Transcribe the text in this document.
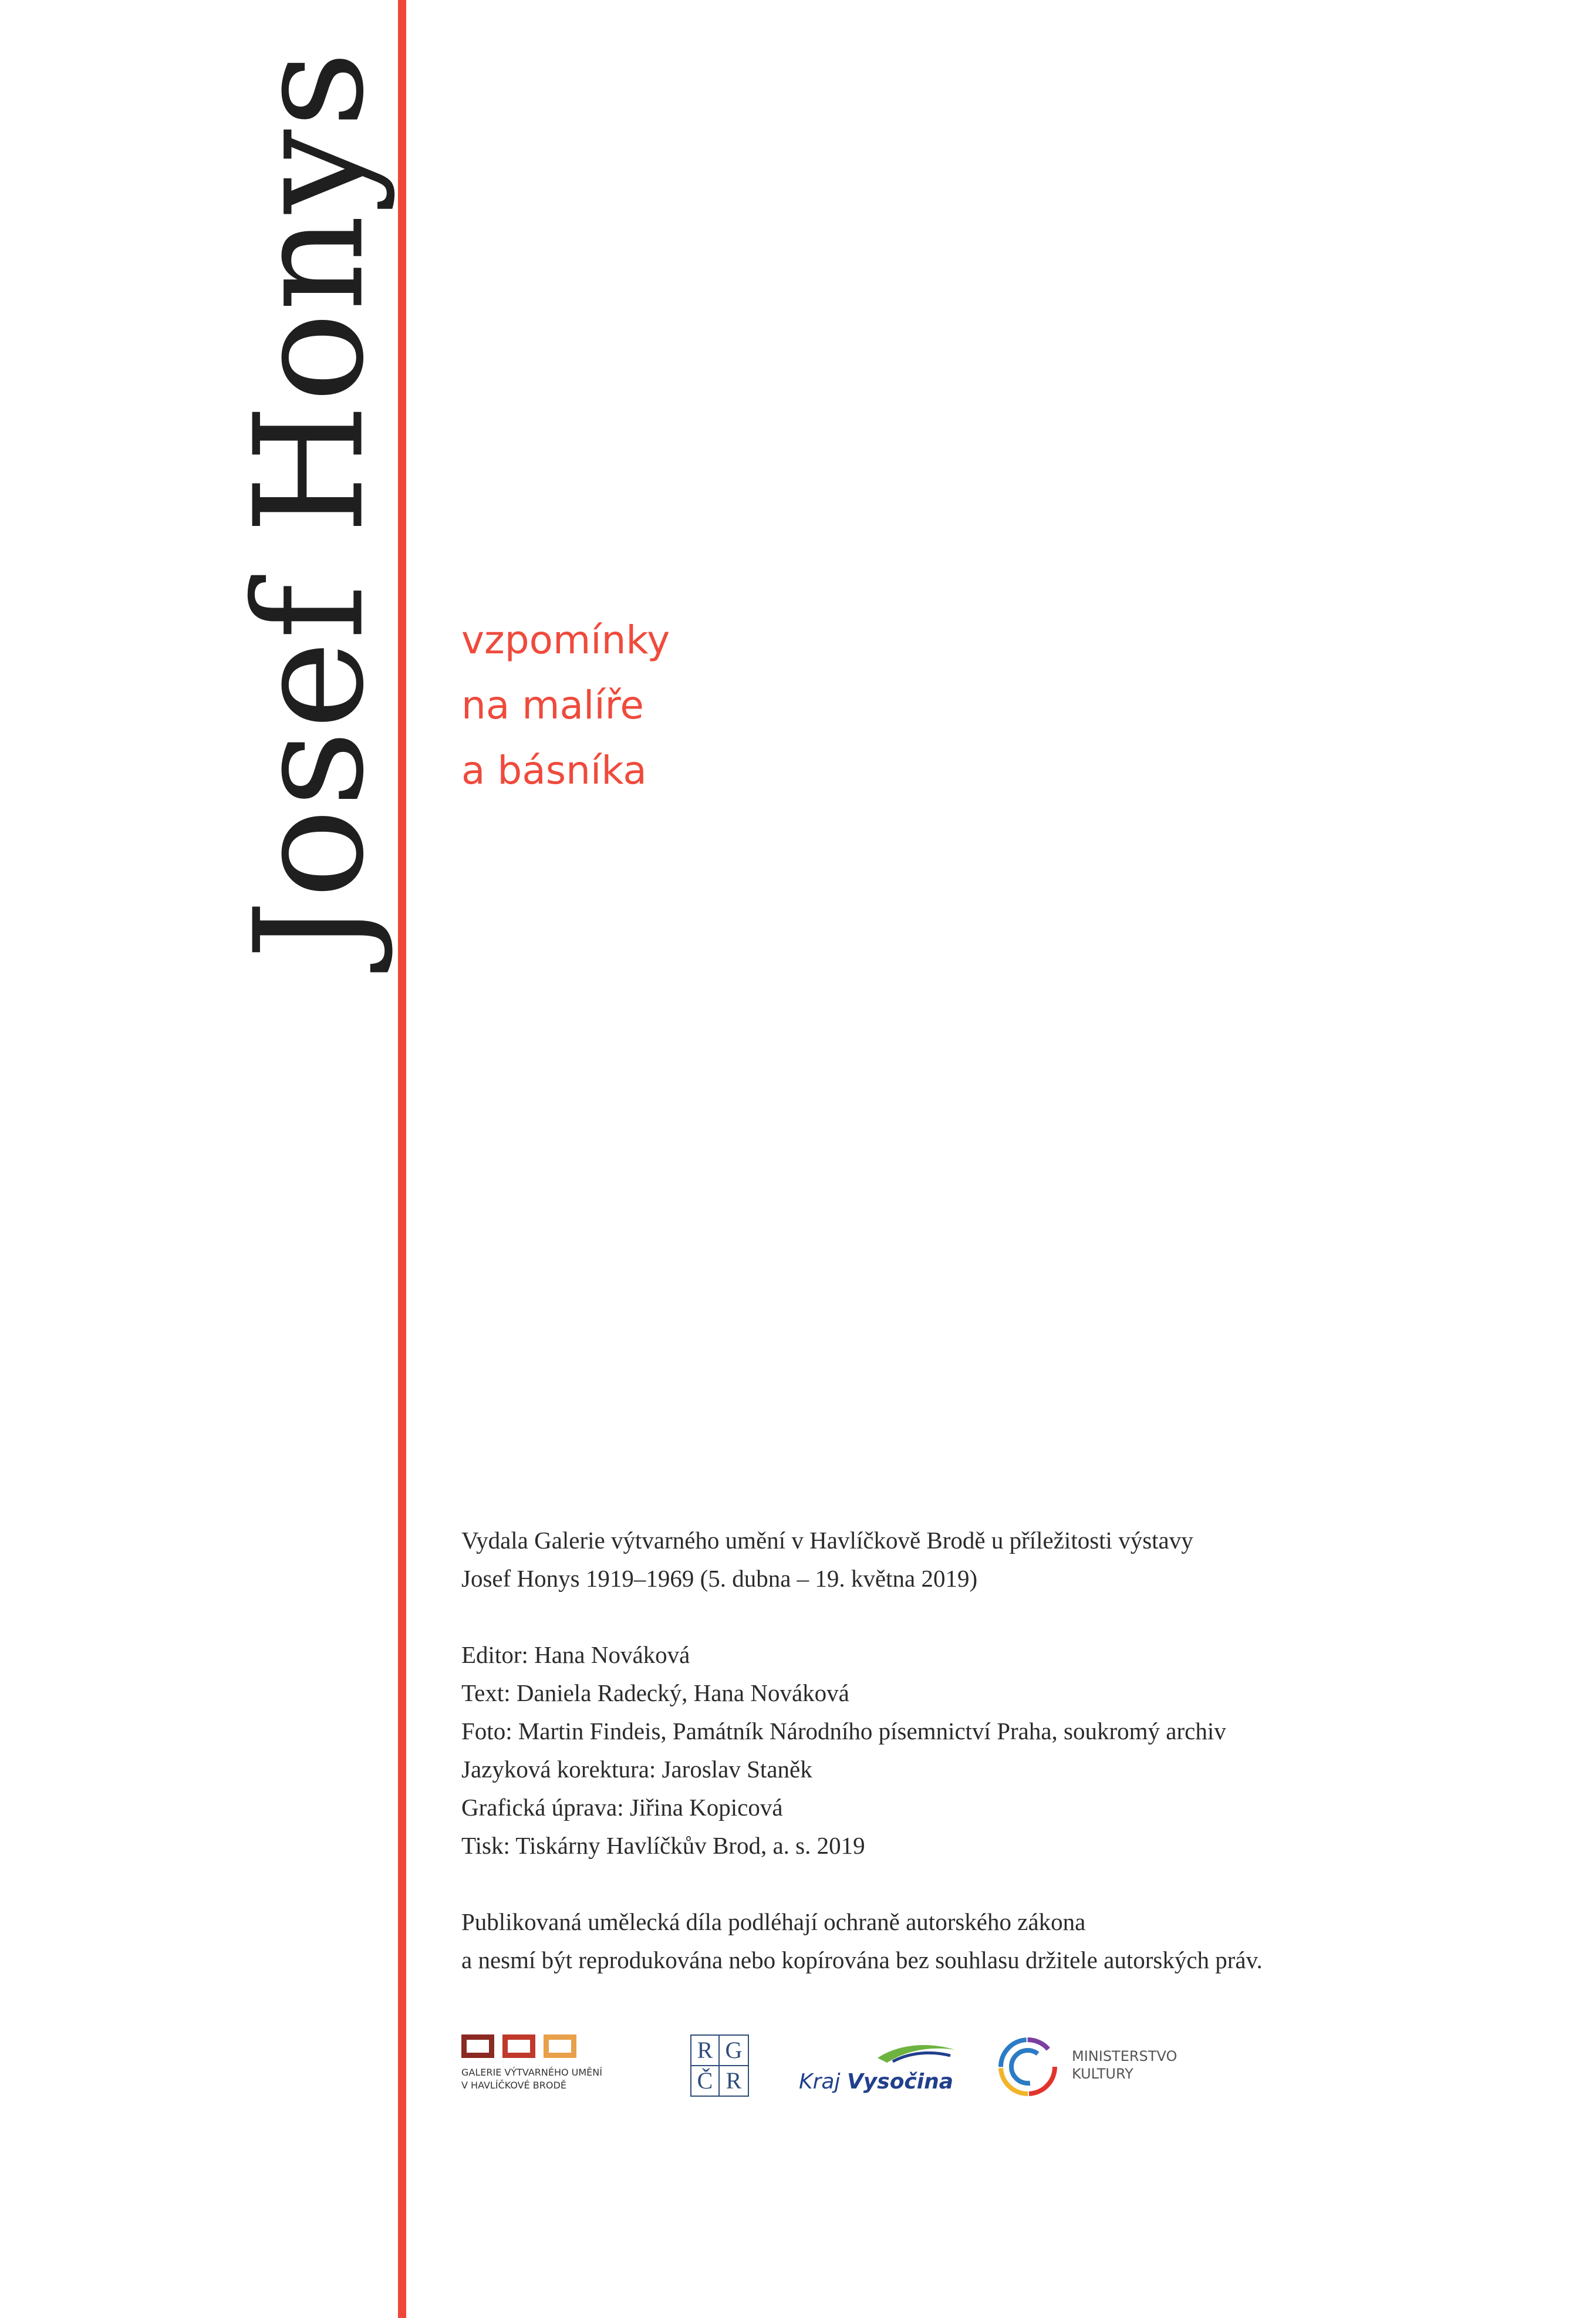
Josef Honys vzpomínky
na malíře
a básníka

Vydala Galerie výtvarného umění v Havlíčkově Brodě u příležitosti výstavy

Josef Honys 1919–1969 (5. dubna – 19. května 2019)

Editor: Hana Nováková

Text: Daniela Radecký, Hana Nováková

Foto: Martin Findeis, Památník Národního písemnictví Praha, soukromý archiv

Jazyková korektura: Jaroslav Staněk

Grafická úprava: Jiřina Kopicová

Tisk: Tiskárny Havlíčkův Brod, a. s. 2019

Publikovaná umělecká díla podléhají ochraně autorského zákona

a nesmí být reprodukována nebo kopírována bez souhlasu držitele autorských práv.

GALERIE VÝTVARNÉHO UMĚNÍ
V HAVLÍČKOVÉ BRODĚ
R G
Č R	Kraj Vysočina
MINISTERSTVO
KULTURY
